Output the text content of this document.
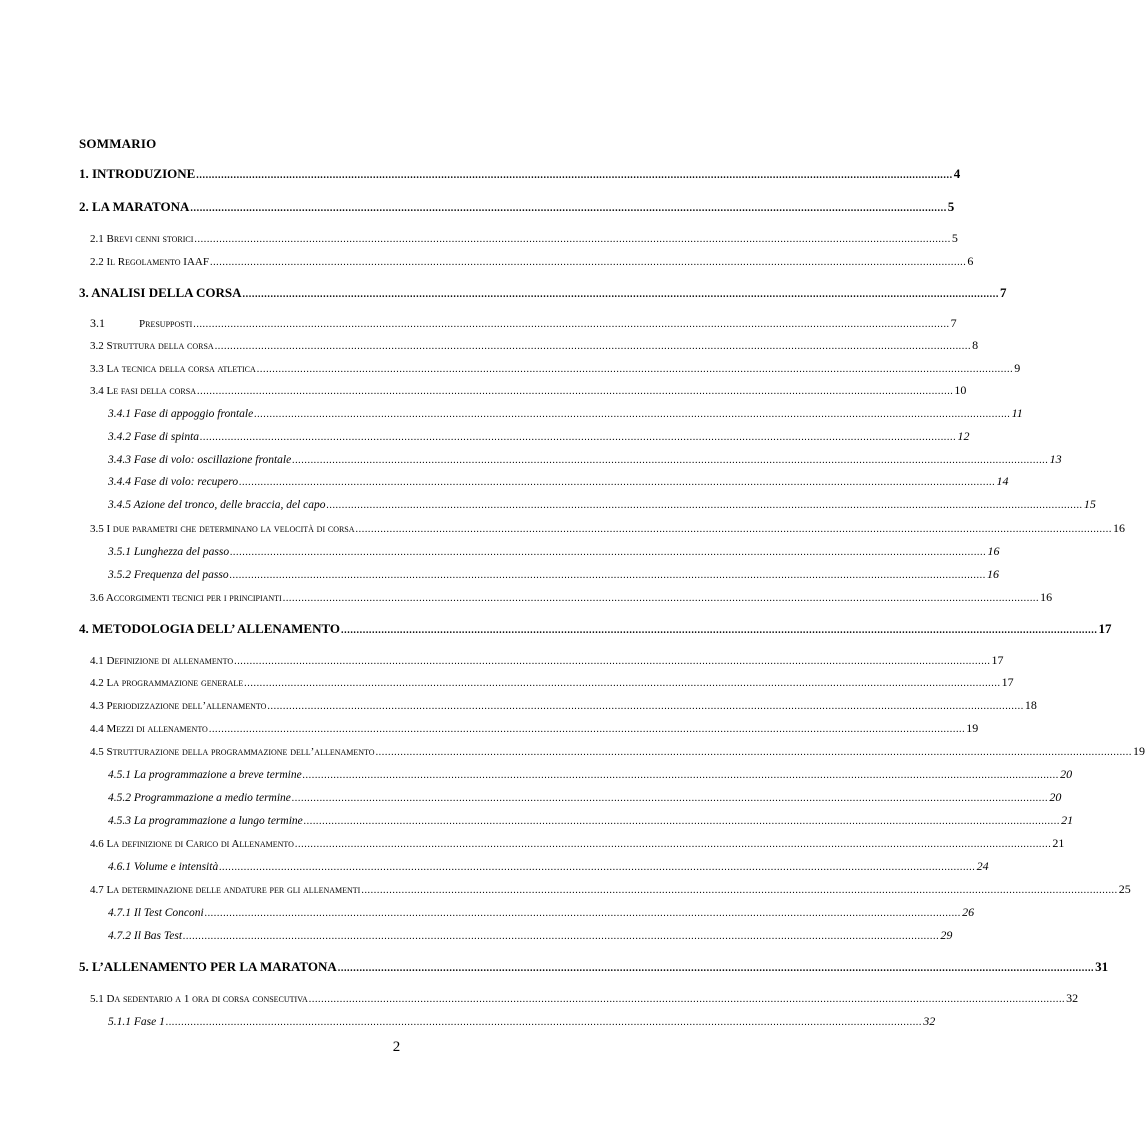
SOMMARIO
1. INTRODUZIONE .................................................................................................................................................................................................................................................... 4
2. LA MARATONA .................................................................................................................................................................................................................................................... 5
2.1 Brevi cenni storici .................................................................................................................................................................................................................................................... 5
2.2 Il Regolamento IAAF .................................................................................................................................................................................................................................................... 6
3. ANALISI DELLA CORSA .................................................................................................................................................................................................................................................... 7
3.1	Presupposti .................................................................................................................................................................................................................................................... 7
3.2 Struttura della corsa .................................................................................................................................................................................................................................................... 8
3.3 La tecnica della corsa atletica .................................................................................................................................................................................................................................................... 9
3.4 Le fasi della corsa .................................................................................................................................................................................................................................................... 10
3.4.1 Fase di appoggio frontale .................................................................................................................................................................................................................................................... 11
3.4.2 Fase di spinta .................................................................................................................................................................................................................................................... 12
3.4.3 Fase di volo: oscillazione frontale .................................................................................................................................................................................................................................................... 13
3.4.4 Fase di volo: recupero .................................................................................................................................................................................................................................................... 14
3.4.5 Azione del tronco, delle braccia, del capo .................................................................................................................................................................................................................................................... 15
3.5 I due parametri che determinano la velocità di corsa .................................................................................................................................................................................................................................................... 16
3.5.1 Lunghezza del passo .................................................................................................................................................................................................................................................... 16
3.5.2 Frequenza del passo .................................................................................................................................................................................................................................................... 16
3.6 Accorgimenti tecnici per i principianti .................................................................................................................................................................................................................................................... 16
4. METODOLOGIA DELL’ ALLENAMENTO .................................................................................................................................................................................................................................................... 17
4.1 Definizione di allenamento .................................................................................................................................................................................................................................................... 17
4.2 La programmazione generale .................................................................................................................................................................................................................................................... 17
4.3 Periodizzazione dell’allenamento .................................................................................................................................................................................................................................................... 18
4.4 Mezzi di allenamento .................................................................................................................................................................................................................................................... 19
4.5 Strutturazione della programmazione dell’allenamento .................................................................................................................................................................................................................................................... 19
4.5.1 La programmazione a breve termine .................................................................................................................................................................................................................................................... 20
4.5.2 Programmazione a medio termine .................................................................................................................................................................................................................................................... 20
4.5.3 La programmazione a lungo termine .................................................................................................................................................................................................................................................... 21
4.6 La definizione di Carico di Allenamento .................................................................................................................................................................................................................................................... 21
4.6.1 Volume e intensità .................................................................................................................................................................................................................................................... 24
4.7 La determinazione delle andature per gli allenamenti .................................................................................................................................................................................................................................................... 25
4.7.1 Il Test Conconi .................................................................................................................................................................................................................................................... 26
4.7.2 Il Bas Test .................................................................................................................................................................................................................................................... 29
5. L’ALLENAMENTO PER LA MARATONA .................................................................................................................................................................................................................................................... 31
5.1 Da sedentario a 1 ora di corsa consecutiva .................................................................................................................................................................................................................................................... 32
5.1.1 Fase 1 .................................................................................................................................................................................................................................................... 32
2
